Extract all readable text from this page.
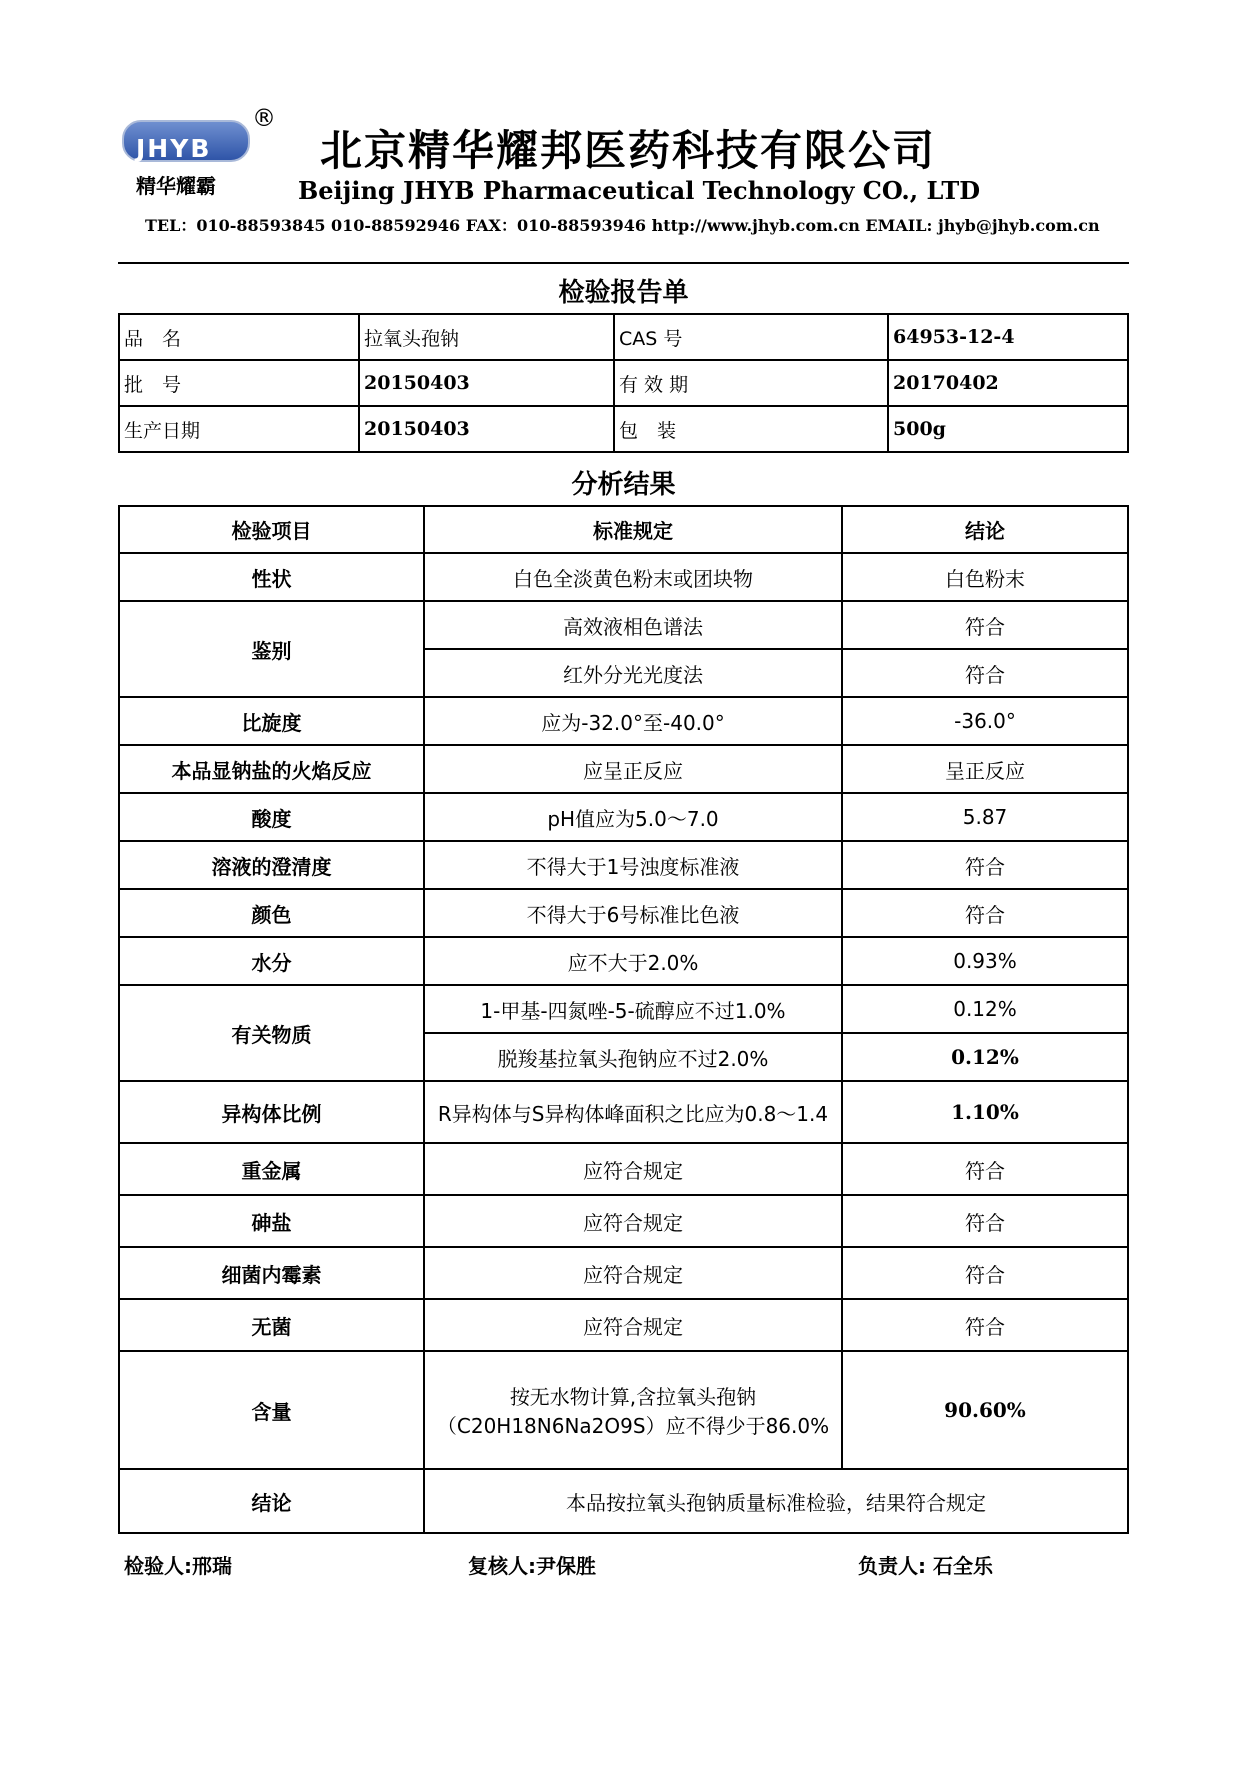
JHYB
®
精华耀霸
北京精华耀邦医药科技有限公司
Beijing JHYB Pharmaceutical Technology CO., LTD
TEL：010-88593845 010-88592946 FAX：010-88593946 http://www.jhyb.com.cn EMAIL: jhyb@jhyb.com.cn
检验报告单
品　名	拉氧头孢钠	CAS 号	64953-12-4
批　号	20150403	有 效 期	20170402
生产日期	20150403	包　装	500g
分析结果
检验项目	标准规定	结论
性状	白色全淡黄色粉末或团块物	白色粉末
鉴别	高效液相色谱法	符合
	红外分光光度法	符合
比旋度	应为-32.0°至-40.0°	-36.0°
本品显钠盐的火焰反应	应呈正反应	呈正反应
酸度	pH值应为5.0～7.0	5.87
溶液的澄清度	不得大于1号浊度标准液	符合
颜色	不得大于6号标准比色液	符合
水分	应不大于2.0%	0.93%
有关物质	1-甲基-四氮唑-5-硫醇应不过1.0%	0.12%
	脱羧基拉氧头孢钠应不过2.0%	0.12%
异构体比例	R异构体与S异构体峰面积之比应为0.8～1.4	1.10%
重金属	应符合规定	符合
砷盐	应符合规定	符合
细菌内霉素	应符合规定	符合
无菌	应符合规定	符合
含量	按无水物计算,含拉氧头孢钠（C20H18N6Na2O9S）应不得少于86.0%	90.60%
结论	本品按拉氧头孢钠质量标准检验，结果符合规定	
检验人:邢瑞	复核人:尹保胜	负责人: 石全乐
